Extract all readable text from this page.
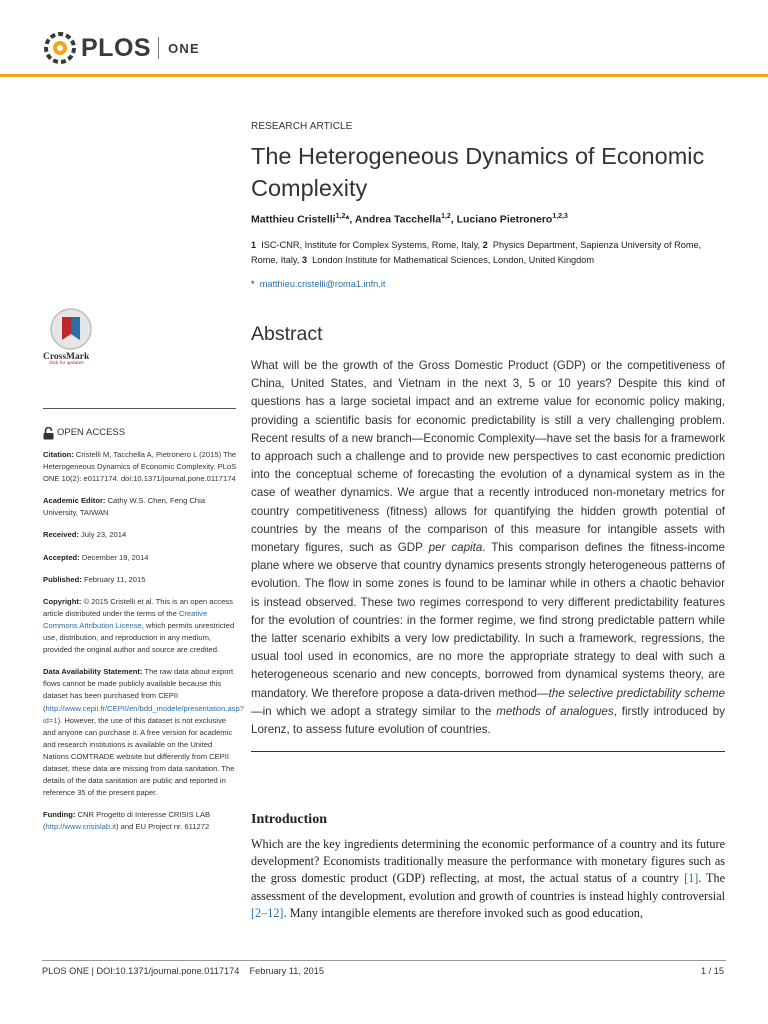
PLOS ONE
RESEARCH ARTICLE
The Heterogeneous Dynamics of Economic Complexity
Matthieu Cristelli$^{1,2}$*, Andrea Tacchella$^{1,2}$, Luciano Pietronero$^{1,2,3}$
1 ISC-CNR, Institute for Complex Systems, Rome, Italy, 2 Physics Department, Sapienza University of Rome, Rome, Italy, 3 London Institute for Mathematical Sciences, London, United Kingdom
* matthieu.cristelli@roma1.infn.it
CrossMark
click for updates
Abstract

What will be the growth of the Gross Domestic Product (GDP) or the competitiveness of China, United States, and Vietnam in the next 3, 5 or 10 years? Despite this kind of questions has a large societal impact and an extreme value for economic policy making, providing a scientific basis for economic predictability is still a very challenging problem. Recent results of a new branch—Economic Complexity—have set the basis for a framework to approach such a challenge and to provide new perspectives to cast economic prediction into the conceptual scheme of forecasting the evolution of a dynamical system as in the case of weather dynamics. We argue that a recently introduced non-monetary metrics for country competitiveness (fitness) allows for quantifying the hidden growth potential of countries by the means of the comparison of this measure for intangible assets with monetary figures, such as GDP per capita. This comparison defines the fitness-income plane where we observe that country dynamics presents strongly heterogeneous patterns of evolution. The flow in some zones is found to be laminar while in others a chaotic behavior is instead observed. These two regimes correspond to very different predictability features for the evolution of countries: in the former regime, we find strong predictable pattern while the latter scenario exhibits a very low predictability. In such a framework, regressions, the usual tool used in economics, are no more the appropriate strategy to deal with such a heterogeneous scenario and new concepts, borrowed from dynamical systems theory, are mandatory. We therefore propose a data-driven method—the selective predictability scheme—in which we adopt a strategy similar to the methods of analogues, firstly introduced by Lorenz, to assess future evolution of countries.

Introduction

Which are the key ingredients determining the economic performance of a country and its future development? Economists traditionally measure the performance with monetary figures such as the gross domestic product (GDP) reflecting, at most, the actual status of a country [1]. The assessment of the development, evolution and growth of countries is instead highly controversial [2–12]. Many intangible elements are therefore invoked such as good education,

OPEN ACCESS

Citation: Cristelli M, Tacchella A, Pietronero L (2015) The Heterogeneous Dynamics of Economic Complexity. PLoS ONE 10(2): e0117174. doi:10.1371/journal.pone.0117174

Academic Editor: Cathy W.S. Chen, Feng Chia University, TAIWAN

Received: July 23, 2014

Accepted: December 19, 2014

Published: February 11, 2015

Copyright: © 2015 Cristelli et al. This is an open access article distributed under the terms of the Creative Commons Attribution License, which permits unrestricted use, distribution, and reproduction in any medium, provided the original author and source are credited.

Data Availability Statement: The raw data about export flows cannot be made publicly available because this dataset has been purchased from CEPII (http://www.cepii.fr/CEPII/en/bdd_modele/presentation.asp?id=1). However, the use of this dataset is not exclusive and anyone can purchase it. A free version for academic and research institutions is available on the United Nations COMTRADE website but differently from CEPII dataset, these data are missing from data sanitation. The details of the data sanitation are public and reported in reference 35 of the present paper.

Funding: CNR Progetto di Interesse CRISIS LAB (http://www.crisislab.it) and EU Project nr. 611272

PLOS ONE | DOI:10.1371/journal.pone.0117174    February 11, 2015	1 / 15
